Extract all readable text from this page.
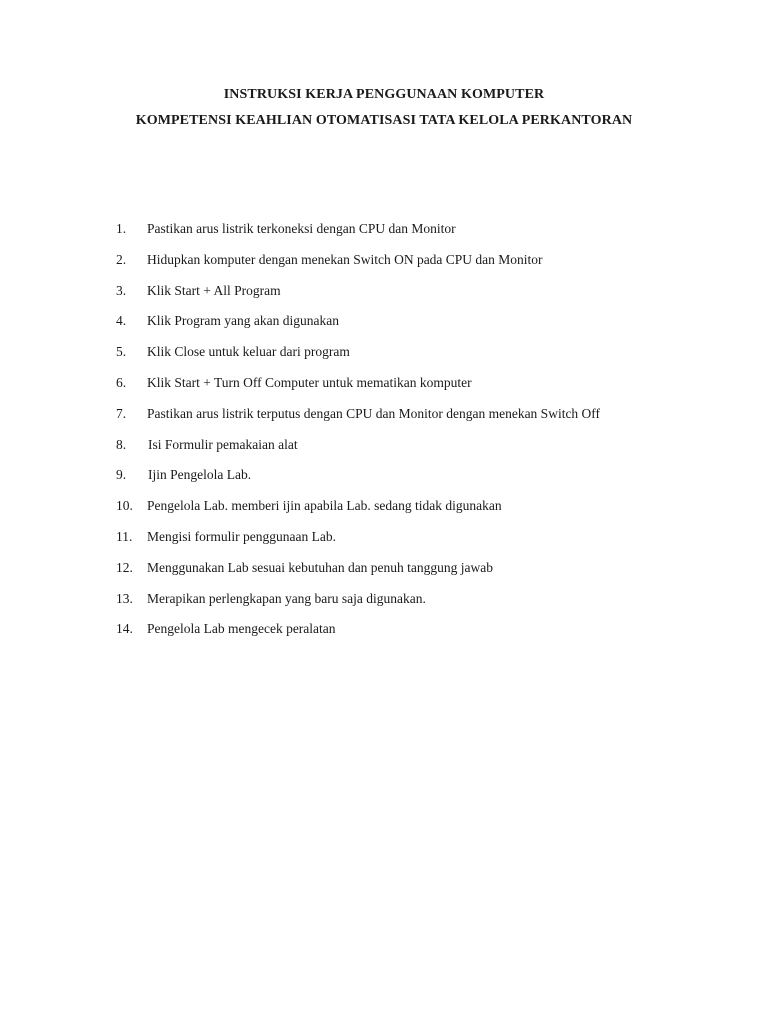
INSTRUKSI KERJA PENGGUNAAN KOMPUTER
KOMPETENSI KEAHLIAN OTOMATISASI TATA KELOLA PERKANTORAN
1. Pastikan arus listrik terkoneksi dengan CPU dan Monitor
2. Hidupkan komputer dengan menekan Switch ON pada CPU dan Monitor
3. Klik Start + All Program
4. Klik Program yang akan digunakan
5. Klik Close untuk keluar dari program
6. Klik Start + Turn Off Computer untuk mematikan komputer
7. Pastikan arus listrik terputus dengan CPU dan Monitor dengan menekan Switch Off
8. Isi Formulir pemakaian alat
9. Ijin Pengelola Lab.
10. Pengelola Lab. memberi ijin apabila Lab. sedang tidak digunakan
11. Mengisi formulir penggunaan Lab.
12. Menggunakan Lab sesuai kebutuhan dan penuh tanggung jawab
13. Merapikan perlengkapan yang baru saja digunakan.
14. Pengelola Lab mengecek peralatan
